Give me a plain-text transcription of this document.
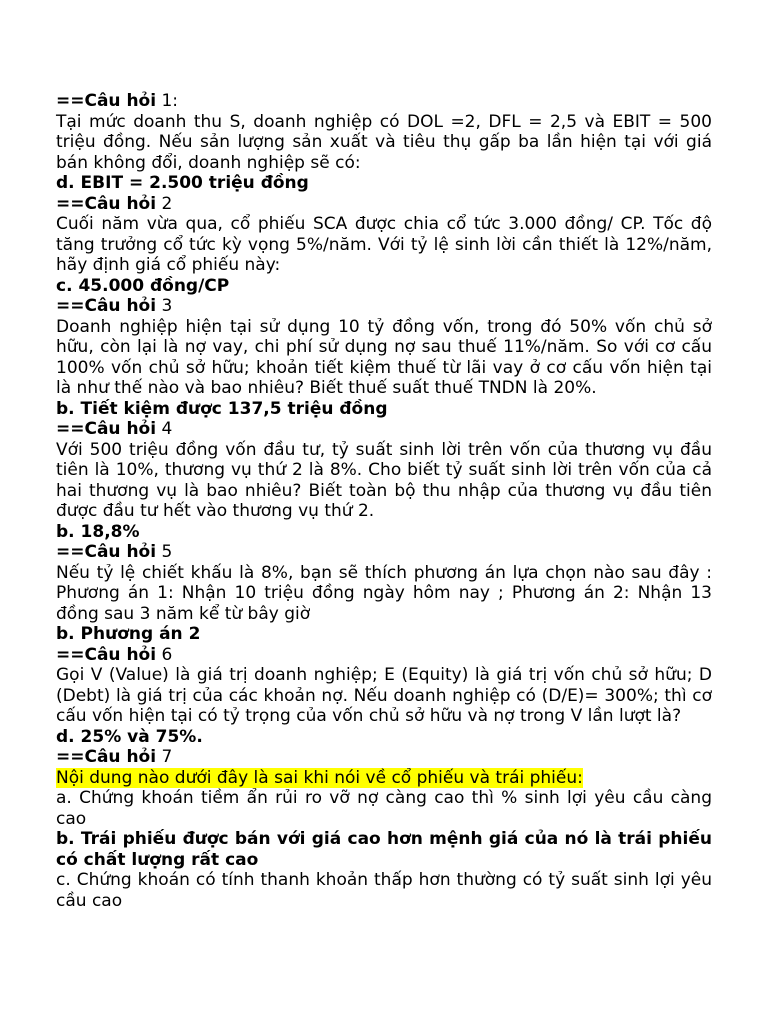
==Câu hỏi 1:

Tại mức doanh thu S, doanh nghiệp có DOL =2, DFL = 2,5 và EBIT = 500 triệu đồng. Nếu sản lượng sản xuất và tiêu thụ gấp ba lần hiện tại với giá bán không đổi, doanh nghiệp sẽ có:

d. EBIT = 2.500 triệu đồng

==Câu hỏi 2

Cuối năm vừa qua, cổ phiếu SCA được chia cổ tức 3.000 đồng/ CP. Tốc độ tăng trưởng cổ tức kỳ vọng 5%/năm. Với tỷ lệ sinh lời cần thiết là 12%/năm, hãy định giá cổ phiếu này:

c. 45.000 đồng/CP

==Câu hỏi 3

Doanh nghiệp hiện tại sử dụng 10 tỷ đồng vốn, trong đó 50% vốn chủ sở hữu, còn lại là nợ vay, chi phí sử dụng nợ sau thuế 11%/năm. So với cơ cấu 100% vốn chủ sở hữu; khoản tiết kiệm thuế từ lãi vay ở cơ cấu vốn hiện tại là như thế nào và bao nhiêu? Biết thuế suất thuế TNDN là 20%.

b. Tiết kiệm được 137,5 triệu đồng

==Câu hỏi 4

Với 500 triệu đồng vốn đầu tư, tỷ suất sinh lời trên vốn của thương vụ đầu tiên là 10%, thương vụ thứ 2 là 8%. Cho biết tỷ suất sinh lời trên vốn của cả hai thương vụ là bao nhiêu? Biết toàn bộ thu nhập của thương vụ đầu tiên được đầu tư hết vào thương vụ thứ 2.

b. 18,8%

==Câu hỏi 5

Nếu tỷ lệ chiết khấu là 8%, bạn sẽ thích phương án lựa chọn nào sau đây : Phương án 1: Nhận 10 triệu đồng ngày hôm nay ; Phương án 2: Nhận 13 đồng sau 3 năm kể từ bây giờ

b. Phương án 2

==Câu hỏi 6

Gọi V (Value) là giá trị doanh nghiệp; E (Equity) là giá trị vốn chủ sở hữu; D (Debt) là giá trị của các khoản nợ. Nếu doanh nghiệp có (D/E)= 300%; thì cơ cấu vốn hiện tại có tỷ trọng của vốn chủ sở hữu và nợ trong V lần lượt là?

d. 25% và 75%.

==Câu hỏi 7

Nội dung nào dưới đây là sai khi nói về cổ phiếu và trái phiếu:

a. Chứng khoán tiềm ẩn rủi ro vỡ nợ càng cao thì % sinh lợi yêu cầu càng cao

b. Trái phiếu được bán với giá cao hơn mệnh giá của nó là trái phiếu có chất lượng rất cao

c. Chứng khoán có tính thanh khoản thấp hơn thường có tỷ suất sinh lợi yêu cầu cao
